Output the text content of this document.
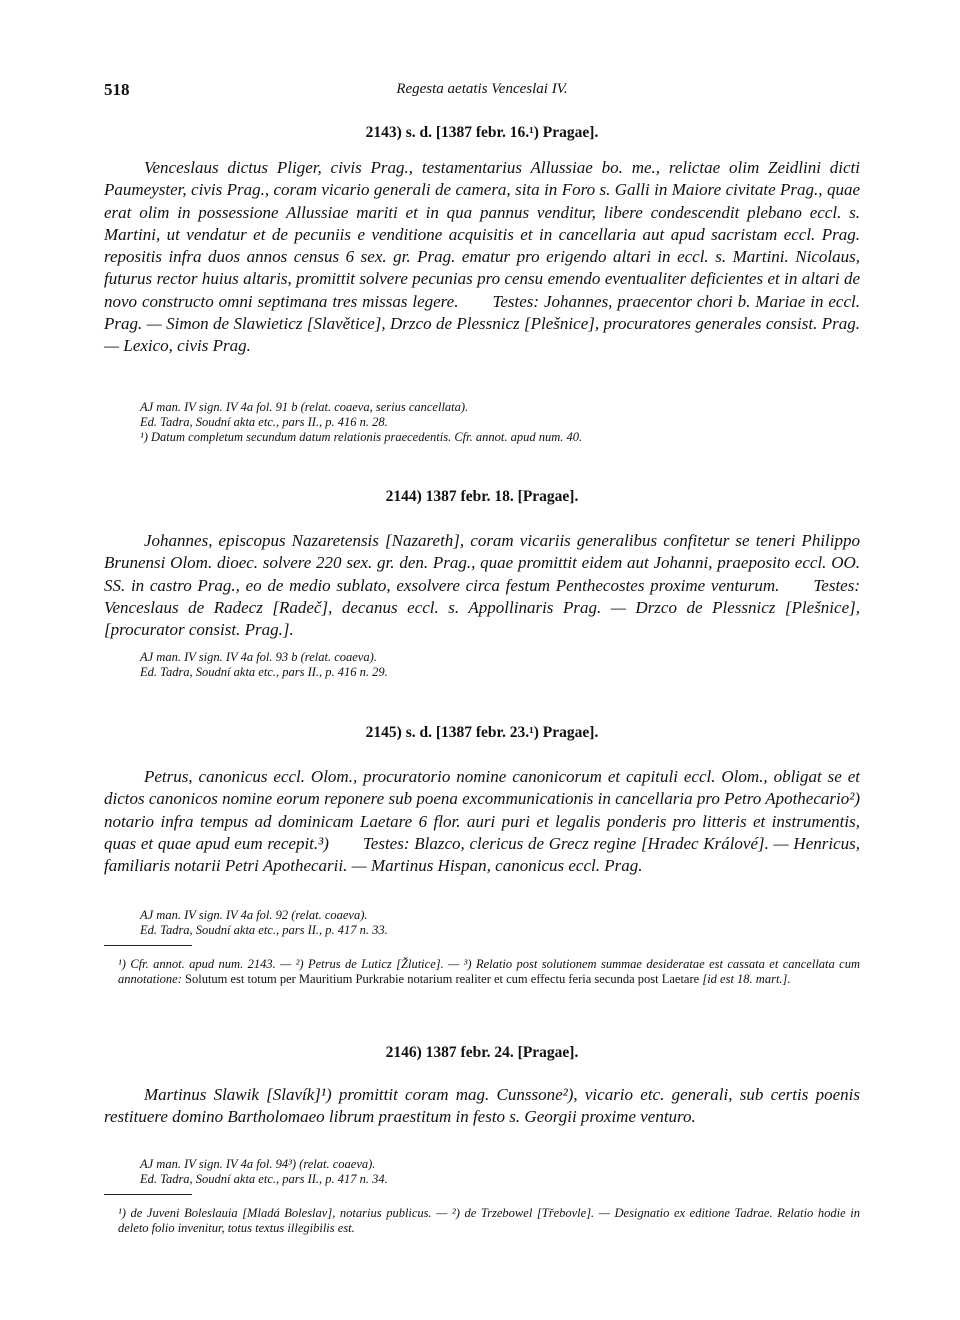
518	Regesta aetatis Venceslai IV.
2143) s. d. [1387 febr. 16.¹) Pragae].

Venceslaus dictus Pliger, civis Prag., testamentarius Allussiae bo. me., relictae olim Zeidlini dicti Paumeyster, civis Prag., coram vicario generali de camera, sita in Foro s. Galli in Maiore civitate Prag., quae erat olim in possessione Allussiae mariti et in qua pannus venditur, libere condescendit plebano eccl. s. Martini, ut vendatur et de pecuniis e venditione acquisitis et in cancellaria aut apud sacristam eccl. Prag. repositis infra duos annos census 6 sex. gr. Prag. ematur pro erigendo altari in eccl. s. Martini. Nicolaus, futurus rector huius altaris, promittit solvere pecunias pro censu emendo eventualiter deficientes et in altari de novo constructo omni septimana tres missas legere. Testes: Johannes, praecentor chori b. Mariae in eccl. Prag. — Simon de Slawieticz [Slavětice], Drzco de Plessnicz [Plešnice], procuratores generales consist. Prag. — Lexico, civis Prag.

AJ man. IV sign. IV 4a fol. 91 b (relat. coaeva, serius cancellata).
Ed. Tadra, Soudní akta etc., pars II., p. 416 n. 28.
¹) Datum completum secundum datum relationis praecedentis. Cfr. annot. apud num. 40.
2144) 1387 febr. 18. [Pragae].

Johannes, episcopus Nazaretensis [Nazareth], coram vicariis generalibus confitetur se teneri Philippo Brunensi Olom. dioec. solvere 220 sex. gr. den. Prag., quae promittit eidem aut Johanni, praeposito eccl. OO. SS. in castro Prag., eo de medio sublato, exsolvere circa festum Penthecostes proxime venturum. Testes: Venceslaus de Radecz [Radeč], decanus eccl. s. Appollinaris Prag. — Drzco de Plessnicz [Plešnice], [procurator consist. Prag.].

AJ man. IV sign. IV 4a fol. 93 b (relat. coaeva).
Ed. Tadra, Soudní akta etc., pars II., p. 416 n. 29.
2145) s. d. [1387 febr. 23.¹) Pragae].

Petrus, canonicus eccl. Olom., procuratorio nomine canonicorum et capituli eccl. Olom., obligat se et dictos canonicos nomine eorum reponere sub poena excommunicationis in cancellaria pro Petro Apothecario²) notario infra tempus ad dominicam Laetare 6 flor. auri puri et legalis ponderis pro litteris et instrumentis, quas et quae apud eum recepit.³) Testes: Blazco, clericus de Grecz regine [Hradec Králové]. — Henricus, familiaris notarii Petri Apothecarii. — Martinus Hispan, canonicus eccl. Prag.

AJ man. IV sign. IV 4a fol. 92 (relat. coaeva).
Ed. Tadra, Soudní akta etc., pars II., p. 417 n. 33.

¹) Cfr. annot. apud num. 2143. — ²) Petrus de Luticz [Žlutice]. — ³) Relatio post solutionem summae desideratae est cassata et cancellata cum annotatione: Solutum est totum per Mauritium Purkrabie notarium realiter et cum effectu feria secunda post Laetare [id est 18. mart.].

2146) 1387 febr. 24. [Pragae].

Martinus Slawik [Slavík]¹) promittit coram mag. Cunssone²), vicario etc. generali, sub certis poenis restituere domino Bartholomaeo librum praestitum in festo s. Georgii proxime venturo.

AJ man. IV sign. IV 4a fol. 94³) (relat. coaeva).
Ed. Tadra, Soudní akta etc., pars II., p. 417 n. 34.

¹) de Juveni Boleslauia [Mladá Boleslav], notarius publicus. — ²) de Trzebowel [Třebovle]. — Designatio ex editione Tadrae. Relatio hodie in deleto folio invenitur, totus textus illegibilis est.
